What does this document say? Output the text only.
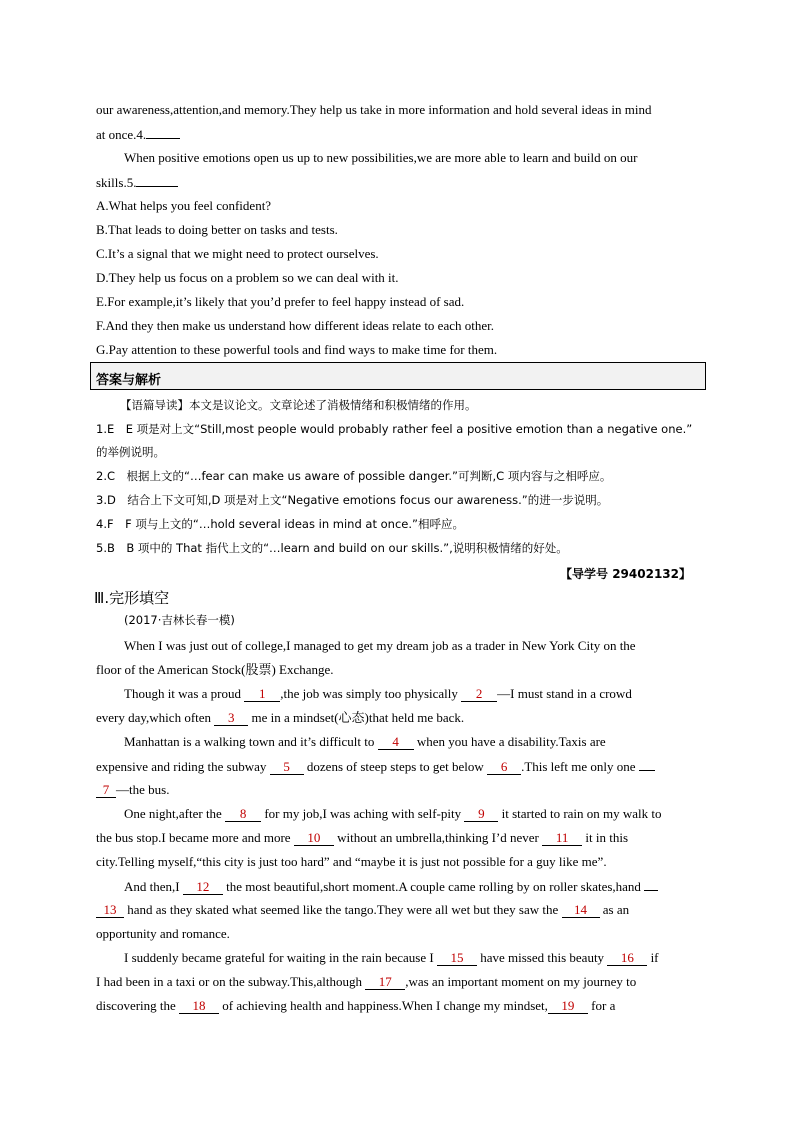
our awareness,attention,and memory.They help us take in more information and hold several ideas in mind
at once.4.
When positive emotions open us up to new possibilities,we are more able to learn and build on our
skills.5.
A.What helps you feel confident?
B.That leads to doing better on tasks and tests.
C.It’s a signal that we might need to protect ourselves.
D.They help us focus on a problem so we can deal with it.
E.For example,it’s likely that you’d prefer to feel happy instead of sad.
F.And they then make us understand how different ideas relate to each other.
G.Pay attention to these powerful tools and find ways to make time for them.
答案与解析
【语篇导读】本文是议论文。文章论述了消极情绪和积极情绪的作用。
1.E　E 项是对上文“Still,most people would probably rather feel a positive emotion than a negative one.”
的举例说明。
2.C　根据上文的“…fear can make us aware of possible danger.”可判断,C 项内容与之相呼应。
3.D　结合上下文可知,D 项是对上文“Negative emotions focus our awareness.”的进一步说明。
4.F　F 项与上文的“…hold several ideas in mind at once.”相呼应。
5.B　B 项中的 That 指代上文的“…learn and build on our skills.”,说明积极情绪的好处。
【导学号 29402132】
Ⅲ.完形填空
(2017·吉林长春一模)
When I was just out of college,I managed to get my dream job as a trader in New York City on the
floor of the American Stock(股票) Exchange.
Though it was a proud 1 ,the job was simply too physically 2 —I must stand in a crowd
every day,which often 3 me in a mindset(心态)that held me back.
Manhattan is a walking town and it’s difficult to 4 when you have a disability.Taxis are
expensive and riding the subway 5 dozens of steep steps to get below 6 .This left me only one
7 —the bus.
One night,after the 8 for my job,I was aching with self-pity 9 it started to rain on my walk to
the bus stop.I became more and more 10 without an umbrella,thinking I’d never 11 it in this
city.Telling myself,“this city is just too hard” and “maybe it is just not possible for a guy like me”.
And then,I 12 the most beautiful,short moment.A couple came rolling by on roller skates,hand
13 hand as they skated what seemed like the tango.They were all wet but they saw the 14 as an
opportunity and romance.
I suddenly became grateful for waiting in the rain because I 15 have missed this beauty 16 if
I had been in a taxi or on the subway.This,although 17 ,was an important moment on my journey to
discovering the 18 of achieving health and happiness.When I change my mindset, 19 for a
